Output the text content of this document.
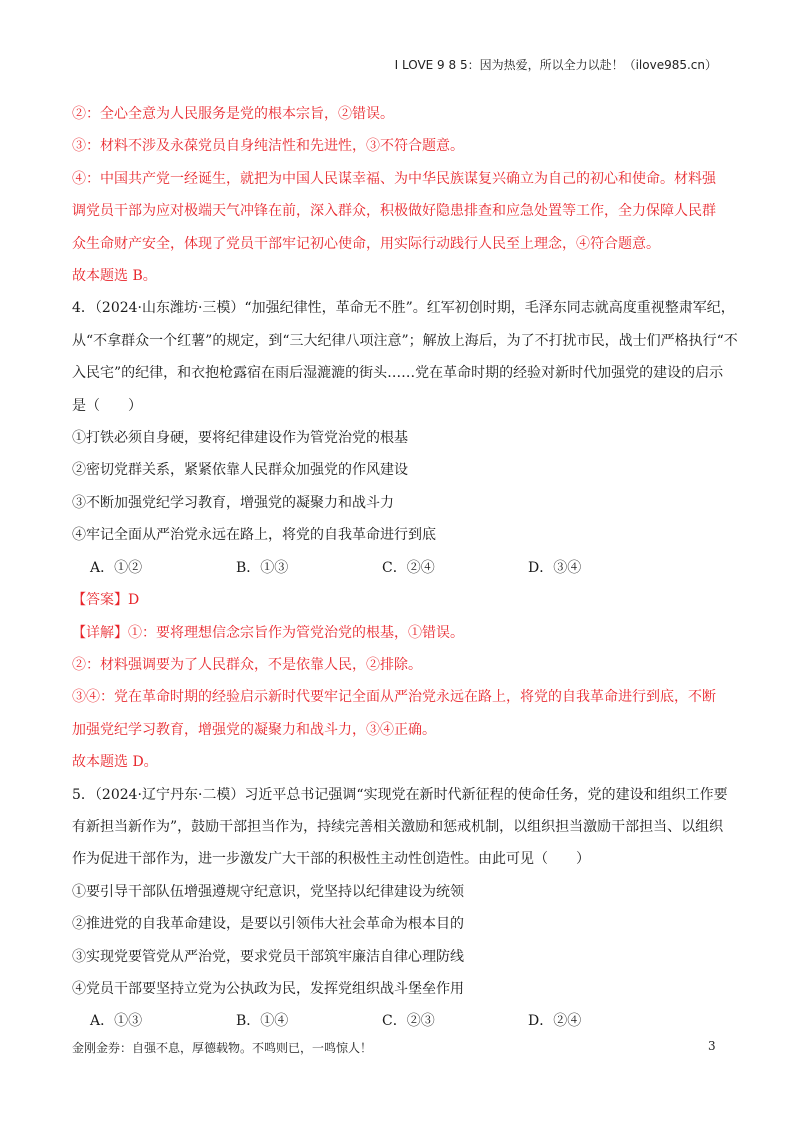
I LOVE 9 8 5：因为热爱，所以全力以赴！（ilove985.cn）
②：全心全意为人民服务是党的根本宗旨，②错误。
③：材料不涉及永葆党员自身纯洁性和先进性，③不符合题意。
④：中国共产党一经诞生，就把为中国人民谋幸福、为中华民族谋复兴确立为自己的初心和使命。材料强
调党员干部为应对极端天气冲锋在前，深入群众，积极做好隐患排查和应急处置等工作，全力保障人民群
众生命财产安全，体现了党员干部牢记初心使命，用实际行动践行人民至上理念，④符合题意。
故本题选 B。
4．（2024·山东潍坊·三模）“加强纪律性，革命无不胜”。红军初创时期，毛泽东同志就高度重视整肃军纪，
从“不拿群众一个红薯”的规定，到“三大纪律八项注意”；解放上海后，为了不打扰市民，战士们严格执行“不
入民宅”的纪律，和衣抱枪露宿在雨后湿漉漉的街头……党在革命时期的经验对新时代加强党的建设的启示
是（　　）
①打铁必须自身硬，要将纪律建设作为管党治党的根基
②密切党群关系，紧紧依靠人民群众加强党的作风建设
③不断加强党纪学习教育，增强党的凝聚力和战斗力
④牢记全面从严治党永远在路上，将党的自我革命进行到底
A．①②	B．①③	C．②④	D．③④
【答案】D
【详解】①：要将理想信念宗旨作为管党治党的根基，①错误。
②：材料强调要为了人民群众，不是依靠人民，②排除。
③④：党在革命时期的经验启示新时代要牢记全面从严治党永远在路上，将党的自我革命进行到底，不断
加强党纪学习教育，增强党的凝聚力和战斗力，③④正确。
故本题选 D。
5．（2024·辽宁丹东·二模）习近平总书记强调“实现党在新时代新征程的使命任务，党的建设和组织工作要
有新担当新作为”，鼓励干部担当作为，持续完善相关激励和惩戒机制，以组织担当激励干部担当、以组织
作为促进干部作为，进一步激发广大干部的积极性主动性创造性。由此可见（　　）
①要引导干部队伍增强遵规守纪意识，党坚持以纪律建设为统领
②推进党的自我革命建设，是要以引领伟大社会革命为根本目的
③实现党要管党从严治党，要求党员干部筑牢廉洁自律心理防线
④党员干部要坚持立党为公执政为民，发挥党组织战斗堡垒作用
A．①③	B．①④	C．②③	D．②④
金刚金券：自强不息，厚德载物。不鸣则已，一鸣惊人！	3
